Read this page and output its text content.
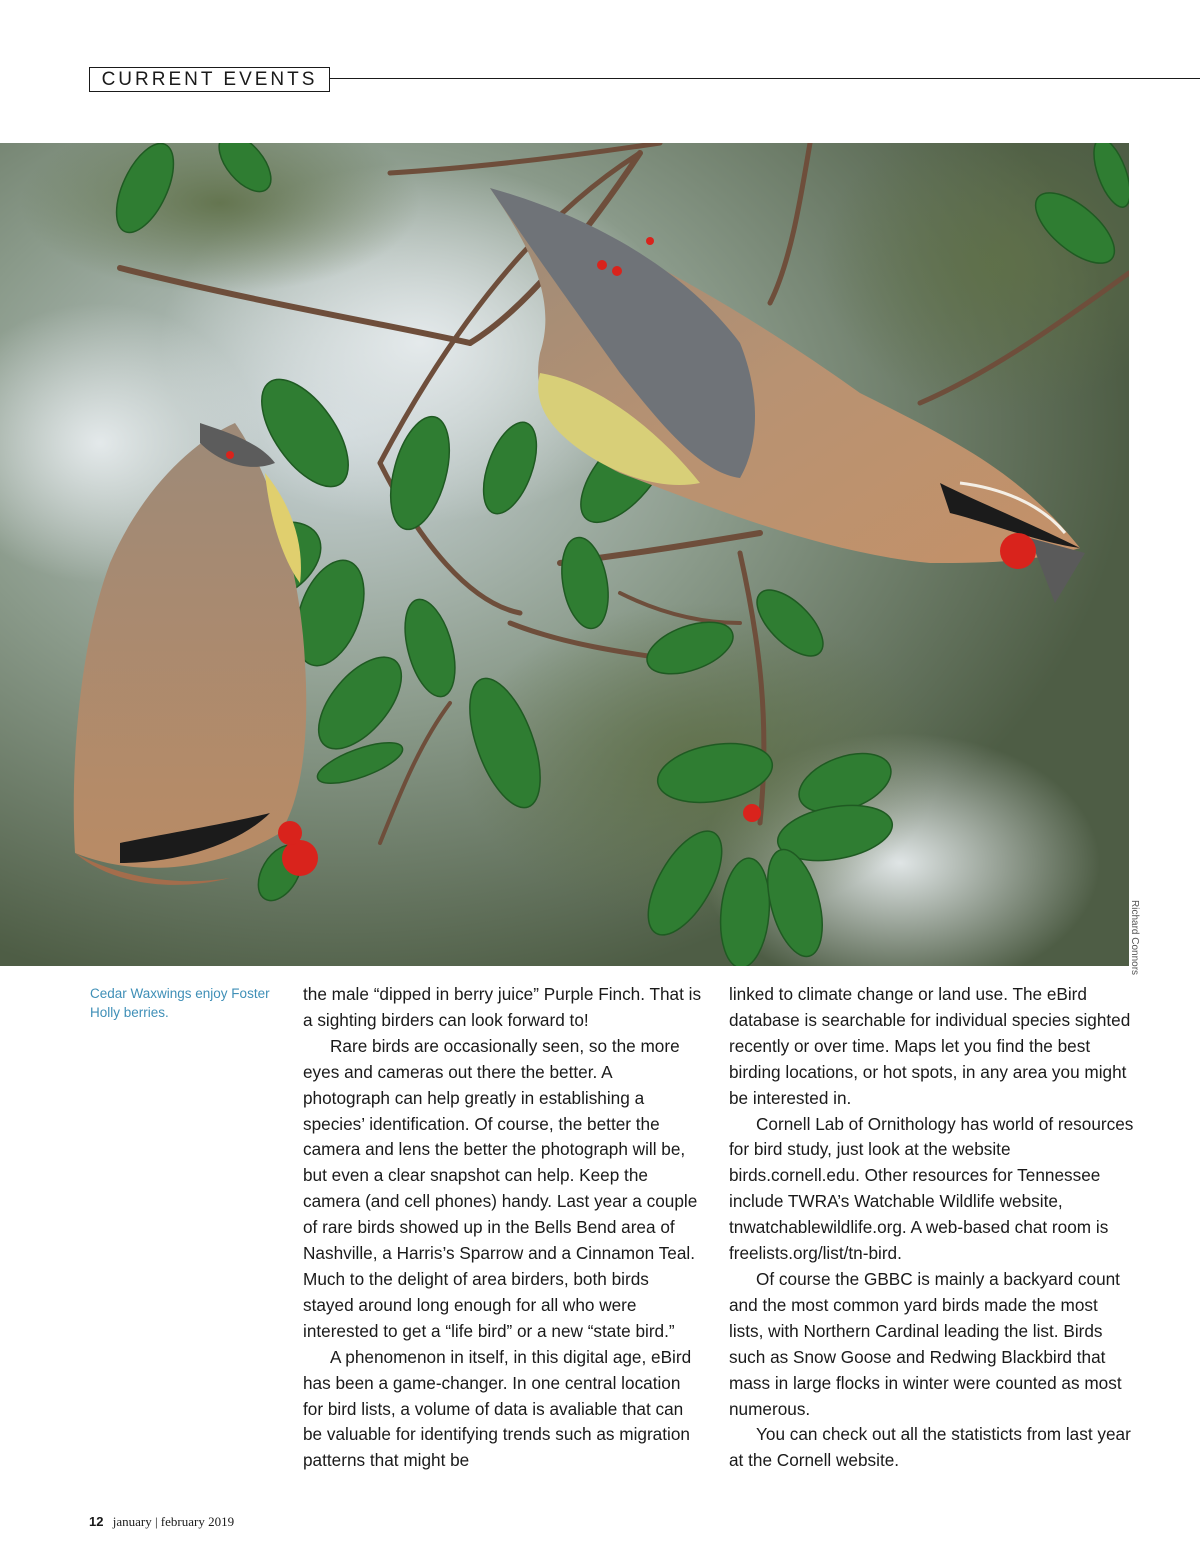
CURRENT EVENTS
Richard Connors
Cedar Waxwings enjoy Foster Holly berries.

the male “dipped in berry juice” Purple Finch. That is a sighting birders can look forward to!

Rare birds are occasionally seen, so the more eyes and cameras out there the better. A photograph can help greatly in establishing a species’ identification. Of course, the better the camera and lens the better the photograph will be, but even a clear snapshot can help. Keep the camera (and cell phones) handy. Last year a couple of rare birds showed up in the Bells Bend area of Nashville, a Harris’s Sparrow and a Cinnamon Teal. Much to the delight of area birders, both birds stayed around long enough for all who were interested to get a “life bird” or a new “state bird.”

A phenomenon in itself, in this digital age, eBird has been a game-changer. In one central location for bird lists, a volume of data is avaliable that can be valuable for identifying trends such as migration patterns that might be

linked to climate change or land use. The eBird database is searchable for individual species sighted recently or over time. Maps let you find the best birding locations, or hot spots, in any area you might be interested in.

Cornell Lab of Ornithology has world of resources for bird study, just look at the website birds.cornell.edu. Other resources for Tennessee include TWRA’s Watchable Wildlife website, tnwatchablewildlife.org. A web-based chat room is freelists.org/list/tn-bird.

Of course the GBBC is mainly a backyard count and the most common yard birds made the most lists, with Northern Cardinal leading the list. Birds such as Snow Goose and Redwing Blackbird that mass in large flocks in winter were counted as most numerous.

You can check out all the statisticts from last year at the Cornell website.

12 january | february 2019
